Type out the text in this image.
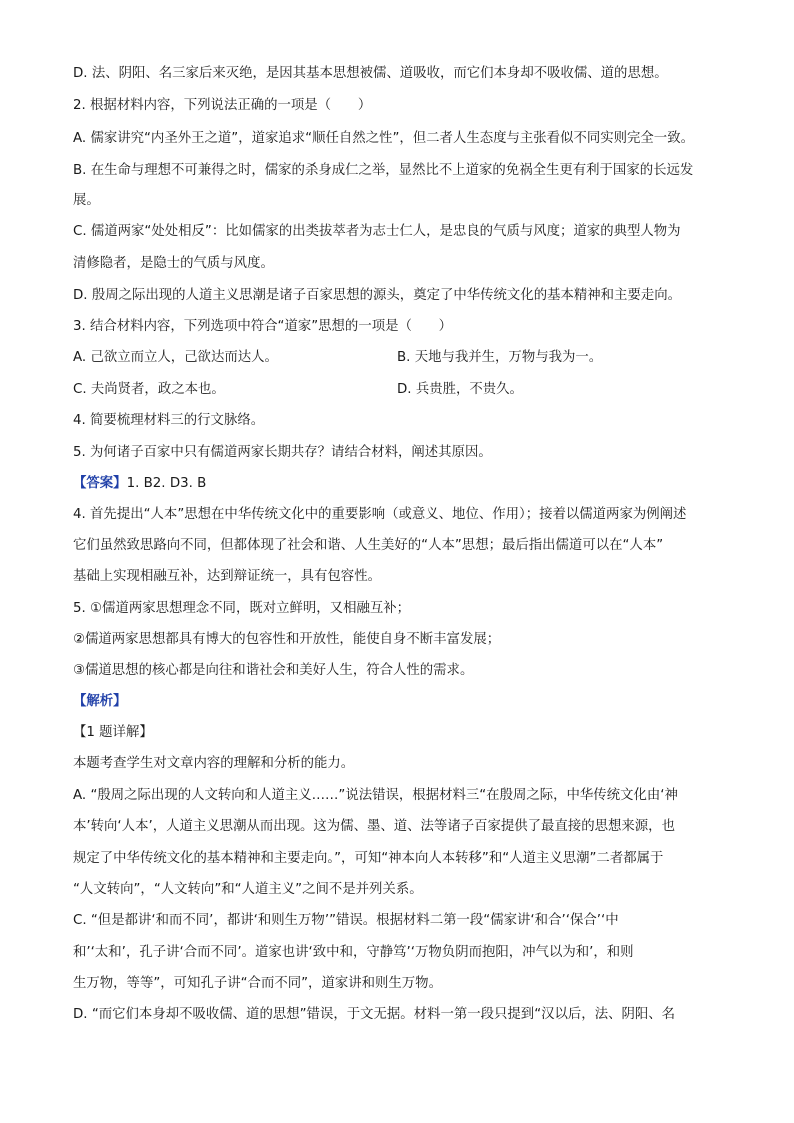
D. 法、阴阳、名三家后来灭绝，是因其基本思想被儒、道吸收，而它们本身却不吸收儒、道的思想。
2. 根据材料内容，下列说法正确的一项是（　　）
A. 儒家讲究“内圣外王之道”，道家追求“顺任自然之性”，但二者人生态度与主张看似不同实则完全一致。
B. 在生命与理想不可兼得之时，儒家的杀身成仁之举，显然比不上道家的免祸全生更有利于国家的长远发
展。
C. 儒道两家“处处相反”：比如儒家的出类拔萃者为志士仁人，是忠良的气质与风度；道家的典型人物为
清修隐者，是隐士的气质与风度。
D. 殷周之际出现的人道主义思潮是诸子百家思想的源头，奠定了中华传统文化的基本精神和主要走向。
3. 结合材料内容，下列选项中符合“道家”思想的一项是（　　）
A. 己欲立而立人，己欲达而达人。	B. 天地与我并生，万物与我为一。
C. 夫尚贤者，政之本也。	D. 兵贵胜，不贵久。
4. 简要梳理材料三的行文脉络。
5. 为何诸子百家中只有儒道两家长期共存？请结合材料，阐述其原因。
【答案】1. B2. D3. B
4. 首先提出“人本”思想在中华传统文化中的重要影响（或意义、地位、作用）；接着以儒道两家为例阐述
它们虽然致思路向不同，但都体现了社会和谐、人生美好的“人本”思想；最后指出儒道可以在“人本”
基础上实现相融互补，达到辩证统一，具有包容性。
5. ①儒道两家思想理念不同，既对立鲜明，又相融互补；
②儒道两家思想都具有博大的包容性和开放性，能使自身不断丰富发展；
③儒道思想的核心都是向往和谐社会和美好人生，符合人性的需求。
【解析】
【1 题详解】
本题考查学生对文章内容的理解和分析的能力。
A. “殷周之际出现的人文转向和人道主义……”说法错误，根据材料三“在殷周之际，中华传统文化由‘神
本’转向‘人本’，人道主义思潮从而出现。这为儒、墨、道、法等诸子百家提供了最直接的思想来源，也
规定了中华传统文化的基本精神和主要走向。”，可知“神本向人本转移”和“人道主义思潮”二者都属于
“人文转向”，“人文转向”和“人道主义”之间不是并列关系。
C. “但是都讲‘和而不同’，都讲‘和则生万物’”错误。根据材料二第一段“儒家讲‘和合’‘保合’‘中
和’‘太和’，孔子讲‘合而不同’。道家也讲‘致中和，守静笃’‘万物负阴而抱阳，冲气以为和’，和则
生万物，等等”，可知孔子讲“合而不同”，道家讲和则生万物。
D. “而它们本身却不吸收儒、道的思想”错误，于文无据。材料一第一段只提到“汉以后，法、阴阳、名
